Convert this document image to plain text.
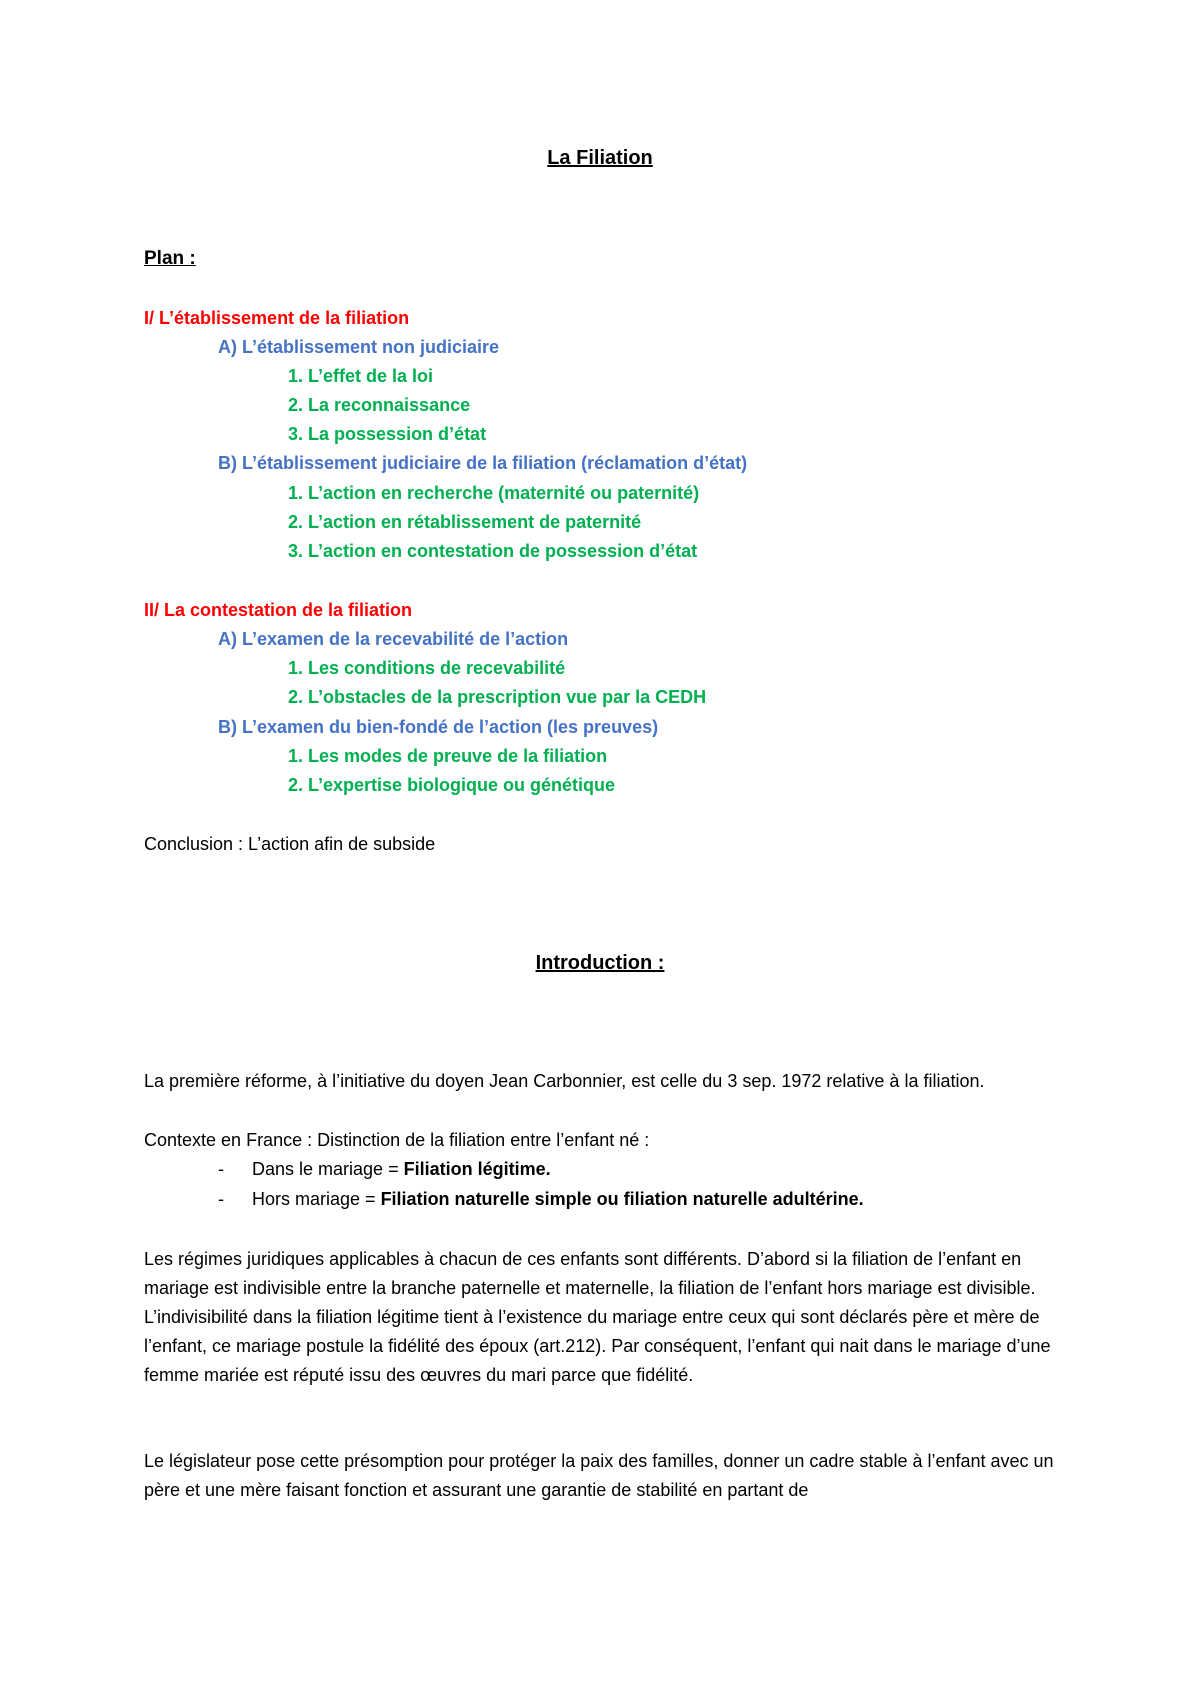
La Filiation
Plan :
I/ L’établissement de la filiation
A) L’établissement non judiciaire
1. L’effet de la loi
2. La reconnaissance
3. La possession d’état
B) L’établissement judiciaire de la filiation (réclamation d’état)
1. L’action en recherche (maternité ou paternité)
2. L’action en rétablissement de paternité
3. L’action en contestation de possession d’état
II/ La contestation de la filiation
A) L’examen de la recevabilité de l’action
1. Les conditions de recevabilité
2. L’obstacles de la prescription vue par la CEDH
B) L’examen du bien-fondé de l’action (les preuves)
1. Les modes de preuve de la filiation
2. L’expertise biologique ou génétique
Conclusion : L’action afin de subside
Introduction :
La première réforme, à l’initiative du doyen Jean Carbonnier, est celle du 3 sep. 1972 relative à la filiation.
Contexte en France : Distinction de la filiation entre l’enfant né :
- Dans le mariage = Filiation légitime.
- Hors mariage = Filiation naturelle simple ou filiation naturelle adultérine.
Les régimes juridiques applicables à chacun de ces enfants sont différents. D’abord si la filiation de l’enfant en mariage est indivisible entre la branche paternelle et maternelle, la filiation de l’enfant hors mariage est divisible. L’indivisibilité dans la filiation légitime tient à l’existence du mariage entre ceux qui sont déclarés père et mère de l’enfant, ce mariage postule la fidélité des époux (art.212). Par conséquent, l’enfant qui nait dans le mariage d’une femme mariée est réputé issu des œuvres du mari parce que fidélité.
Le législateur pose cette présomption pour protéger la paix des familles, donner un cadre stable à l’enfant avec un père et une mère faisant fonction et assurant une garantie de stabilité en partant de
